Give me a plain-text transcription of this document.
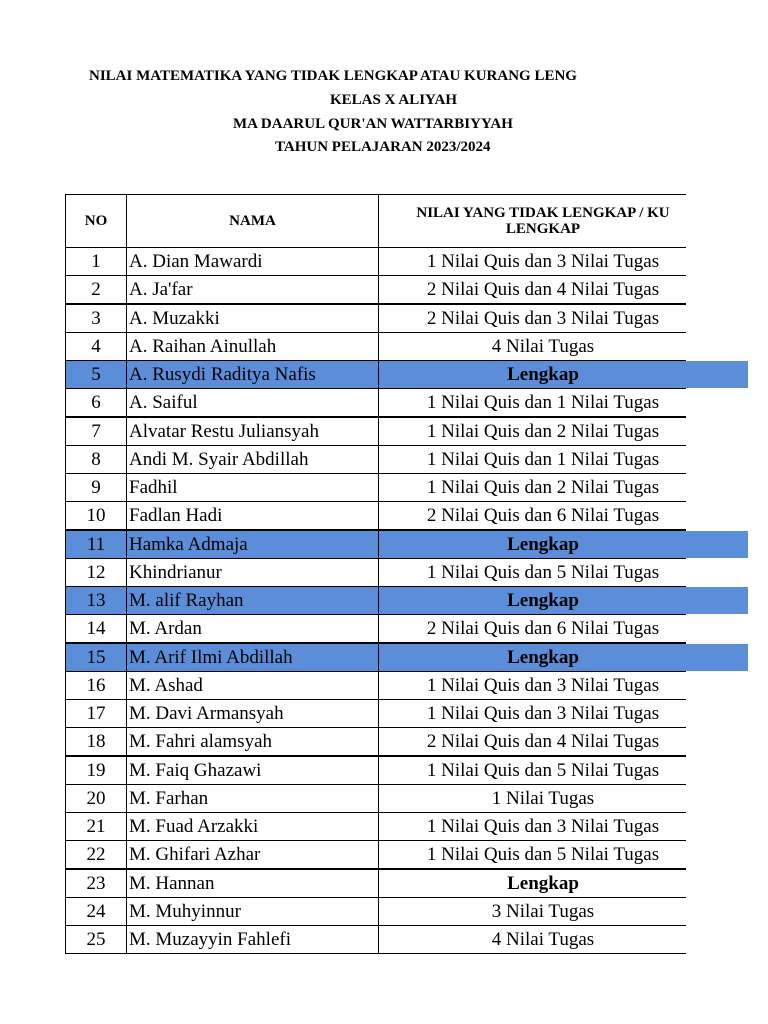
NILAI MATEMATIKA YANG TIDAK LENGKAP ATAU KURANG LENG
KELAS X ALIYAH
MA DAARUL QUR'AN WATTARBIYYAH
TAHUN PELAJARAN 2023/2024
NO	NAMA	NILAI YANG TIDAK LENGKAP / KU
LENGKAP
1	A. Dian Mawardi	1 Nilai Quis dan 3 Nilai Tugas
2	A. Ja'far	2 Nilai Quis dan 4 Nilai Tugas
3	A. Muzakki	2 Nilai Quis dan 3 Nilai Tugas
4	A. Raihan Ainullah	4 Nilai Tugas
5	A. Rusydi Raditya Nafis	Lengkap
6	A. Saiful	1 Nilai Quis dan 1 Nilai Tugas
7	Alvatar Restu Juliansyah	1 Nilai Quis dan 2 Nilai Tugas
8	Andi M. Syair Abdillah	1 Nilai Quis dan 1 Nilai Tugas
9	Fadhil	1 Nilai Quis dan 2 Nilai Tugas
10	Fadlan Hadi	2 Nilai Quis dan 6 Nilai Tugas
11	Hamka Admaja	Lengkap
12	Khindrianur	1 Nilai Quis dan 5 Nilai Tugas
13	M. alif Rayhan	Lengkap
14	M. Ardan	2 Nilai Quis dan 6 Nilai Tugas
15	M. Arif Ilmi Abdillah	Lengkap
16	M. Ashad	1 Nilai Quis dan 3 Nilai Tugas
17	M. Davi Armansyah	1 Nilai Quis dan 3 Nilai Tugas
18	M. Fahri alamsyah	2 Nilai Quis dan 4 Nilai Tugas
19	M. Faiq Ghazawi	1 Nilai Quis dan 5 Nilai Tugas
20	M. Farhan	1 Nilai Tugas
21	M. Fuad Arzakki	1 Nilai Quis dan 3 Nilai Tugas
22	M. Ghifari Azhar	1 Nilai Quis dan 5 Nilai Tugas
23	M. Hannan	Lengkap
24	M. Muhyinnur	3 Nilai Tugas
25	M. Muzayyin Fahlefi	4 Nilai Tugas
